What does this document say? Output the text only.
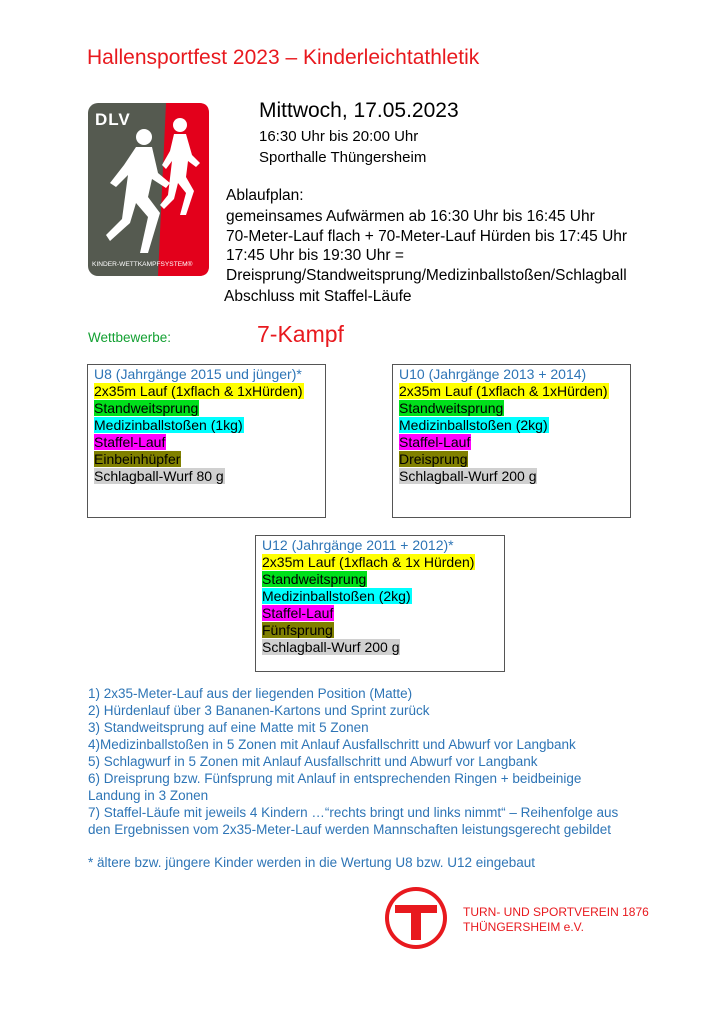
Hallensportfest 2023 – Kinderleichtathletik
DLV
KINDER-WETTKAMPFSYSTEM®
Mittwoch, 17.05.2023
16:30 Uhr bis 20:00 Uhr
Sporthalle Thüngersheim
Ablaufplan:
gemeinsames Aufwärmen ab 16:30 Uhr bis 16:45 Uhr
70-Meter-Lauf flach + 70-Meter-Lauf Hürden bis 17:45 Uhr
17:45 Uhr bis 19:30 Uhr =
Dreisprung/Standweitsprung/Medizinballstoßen/Schlagball
Abschluss mit Staffel-Läufe
Wettbewerbe:	7-Kampf
U8 (Jahrgänge 2015 und jünger)*
2x35m Lauf (1xflach & 1xHürden)
Standweitsprung
Medizinballstoßen (1kg)
Staffel-Lauf
Einbeinhüpfer
Schlagball-Wurf 80 g
U10 (Jahrgänge 2013 + 2014)
2x35m Lauf (1xflach & 1xHürden)
Standweitsprung
Medizinballstoßen (2kg)
Staffel-Lauf
Dreisprung
Schlagball-Wurf 200 g
U12 (Jahrgänge 2011 + 2012)*
2x35m Lauf (1xflach & 1x Hürden)
Standweitsprung
Medizinballstoßen (2kg)
Staffel-Lauf
Fünfsprung
Schlagball-Wurf 200 g
1) 2x35-Meter-Lauf aus der liegenden Position (Matte)
2) Hürdenlauf über 3 Bananen-Kartons und Sprint zurück
3) Standweitsprung auf eine Matte mit 5 Zonen
4)Medizinballstoßen in 5 Zonen mit Anlauf Ausfallschritt und Abwurf vor Langbank
5) Schlagwurf in 5 Zonen mit Anlauf Ausfallschritt und Abwurf vor Langbank
6) Dreisprung bzw. Fünfsprung mit Anlauf in entsprechenden Ringen + beidbeinige
Landung in 3 Zonen
7) Staffel-Läufe mit jeweils 4 Kindern …“rechts bringt und links nimmt“ – Reihenfolge aus
den Ergebnissen vom 2x35-Meter-Lauf werden Mannschaften leistungsgerecht gebildet
* ältere bzw. jüngere Kinder werden in die Wertung U8 bzw. U12 eingebaut
TURN- UND SPORTVEREIN 1876
THÜNGERSHEIM e.V.
